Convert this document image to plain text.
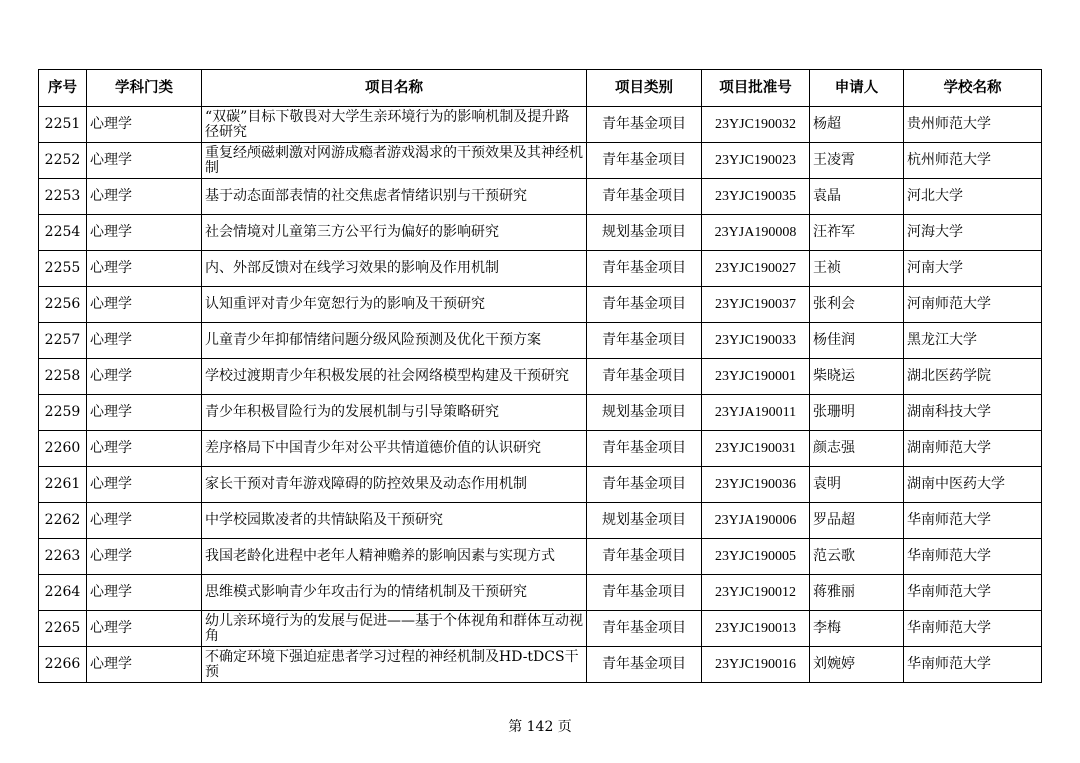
序号	学科门类	项目名称	项目类别	项目批准号	申请人	学校名称
2251	心理学	“双碳”目标下敬畏对大学生亲环境行为的影响机制及提升路径研究	青年基金项目	23YJC190032	杨超	贵州师范大学
2252	心理学	重复经颅磁刺激对网游成瘾者游戏渴求的干预效果及其神经机制	青年基金项目	23YJC190023	王凌霄	杭州师范大学
2253	心理学	基于动态面部表情的社交焦虑者情绪识别与干预研究	青年基金项目	23YJC190035	袁晶	河北大学
2254	心理学	社会情境对儿童第三方公平行为偏好的影响研究	规划基金项目	23YJA190008	汪祚军	河海大学
2255	心理学	内、外部反馈对在线学习效果的影响及作用机制	青年基金项目	23YJC190027	王祯	河南大学
2256	心理学	认知重评对青少年宽恕行为的影响及干预研究	青年基金项目	23YJC190037	张利会	河南师范大学
2257	心理学	儿童青少年抑郁情绪问题分级风险预测及优化干预方案	青年基金项目	23YJC190033	杨佳润	黑龙江大学
2258	心理学	学校过渡期青少年积极发展的社会网络模型构建及干预研究	青年基金项目	23YJC190001	柴晓运	湖北医药学院
2259	心理学	青少年积极冒险行为的发展机制与引导策略研究	规划基金项目	23YJA190011	张珊明	湖南科技大学
2260	心理学	差序格局下中国青少年对公平共情道德价值的认识研究	青年基金项目	23YJC190031	颜志强	湖南师范大学
2261	心理学	家长干预对青年游戏障碍的防控效果及动态作用机制	青年基金项目	23YJC190036	袁明	湖南中医药大学
2262	心理学	中学校园欺凌者的共情缺陷及干预研究	规划基金项目	23YJA190006	罗品超	华南师范大学
2263	心理学	我国老龄化进程中老年人精神赡养的影响因素与实现方式	青年基金项目	23YJC190005	范云歌	华南师范大学
2264	心理学	思维模式影响青少年攻击行为的情绪机制及干预研究	青年基金项目	23YJC190012	蒋雅丽	华南师范大学
2265	心理学	幼儿亲环境行为的发展与促进——基于个体视角和群体互动视角	青年基金项目	23YJC190013	李梅	华南师范大学
2266	心理学	不确定环境下强迫症患者学习过程的神经机制及HD-tDCS干预	青年基金项目	23YJC190016	刘婉婷	华南师范大学
第 142 页
